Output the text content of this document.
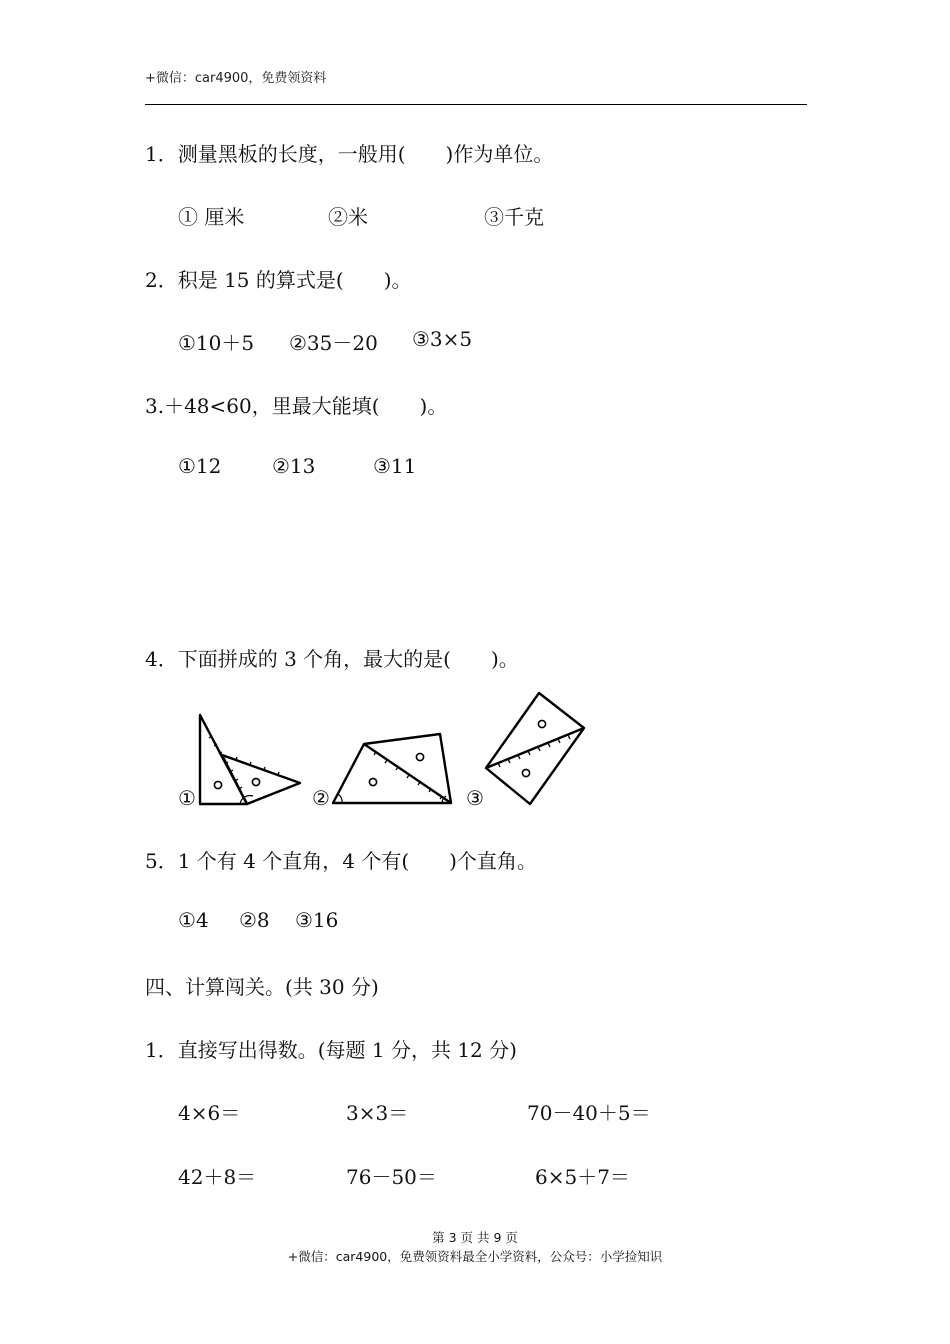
+微信：car4900，免费领资料
1．测量黑板的长度，一般用(　　)作为单位。
① 厘米	②米	③千克
2．积是 15 的算式是(　　)。
①10＋5 ②35－20 ③3×5
3.＋48<60，里最大能填(　　)。
①12	②13	③11
4．下面拼成的 3 个角，最大的是(　　)。
①	②	③
5．1 个有 4 个直角，4 个有(　　)个直角。
①4 ②8 ③16
四、计算闯关。(共 30 分)
1．直接写出得数。(每题 1 分，共 12 分)
4×6＝	3×3＝	70－40＋5＝
42＋8＝	76－50＝	6×5＋7＝
第 3 页 共 9 页
+微信：car4900，免费领资料最全小学资料，公众号：小学捡知识
